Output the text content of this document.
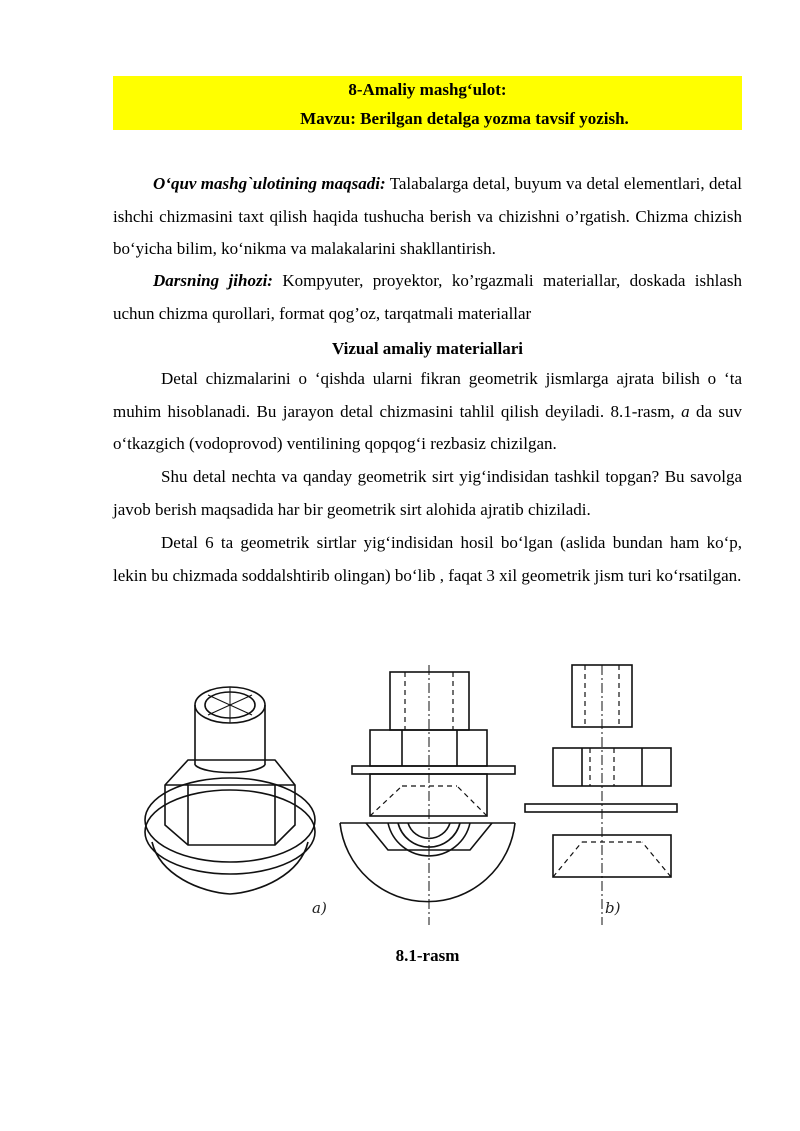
8-Amaliy mashg‘ulot:
Mavzu: Berilgan detalga yozma tavsif yozish.

O‘quv mashg`ulotining maqsadi: Talabalarga detal, buyum va detal elementlari, detal ishchi chizmasini taxt qilish haqida tushucha berish va chizishni o’rgatish. Chizma chizish bo‘yicha bilim, ko‘nikma va malakalarini shakllantirish.

Darsning jihozi: Kompyuter, proyektor, ko’rgazmali materiallar, doskada ishlash uchun chizma qurollari, format qog’oz, tarqatmali materiallar

Vizual amaliy materiallari

Detal chizmalarini o ‘qishda ularni fikran geometrik jismlarga ajrata bilish o ‘ta muhim hisoblanadi. Bu jarayon detal chizmasini tahlil qilish deyiladi. 8.1-rasm, a da suv o‘tkazgich (vodoprovod) ventilining qopqog‘i rezbasiz chizilgan.

Shu detal nechta va qanday geometrik sirt yig‘indisidan tashkil topgan? Bu savolga javob berish maqsadida har bir geometrik sirt alohida ajratib chiziladi.

Detal 6 ta geometrik sirtlar yig‘indisidan hosil bo‘lgan (aslida bundan ham ko‘p, lekin bu chizmada soddalshtirib olingan) bo‘lib , faqat 3 xil geometrik jism turi ko‘rsatilgan.

a)	b)
8.1-rasm
